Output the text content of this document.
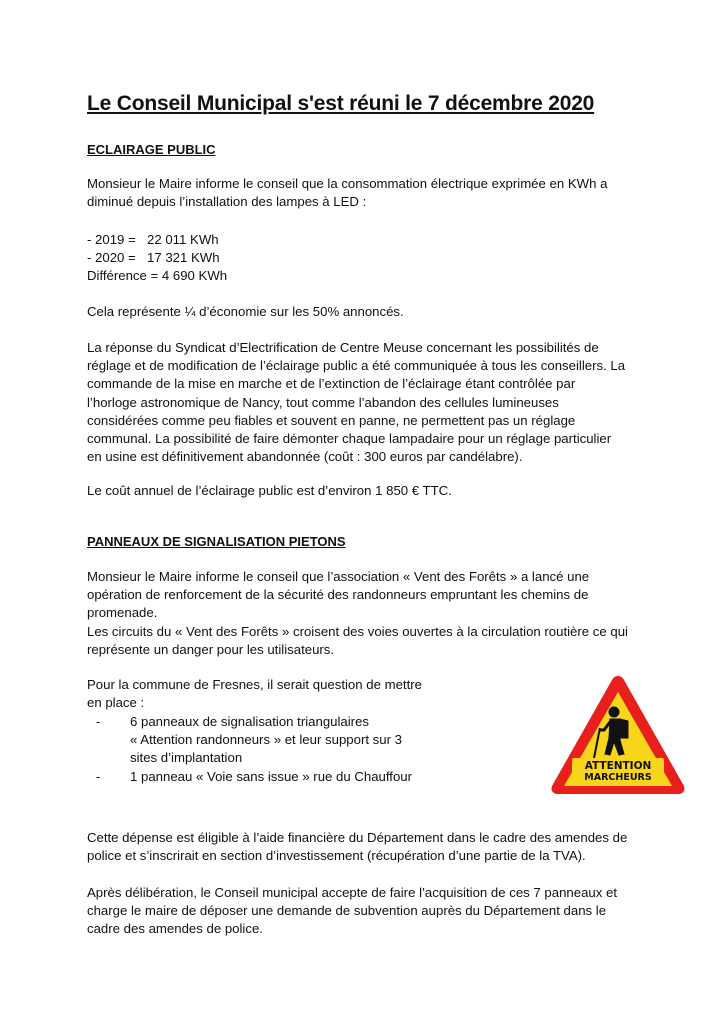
Le Conseil Municipal s'est réuni le 7 décembre 2020
ECLAIRAGE PUBLIC

Monsieur le Maire informe le conseil que la consommation électrique exprimée en KWh a
diminué depuis l’installation des lampes à LED :

- 2019 = 22 011 KWh
- 2020 = 17 321 KWh
Différence = 4 690 KWh

Cela représente ¼ d’économie sur les 50% annoncés.

La réponse du Syndicat d’Electrification de Centre Meuse concernant les possibilités de
réglage et de modification de l’éclairage public a été communiquée à tous les conseillers. La
commande de la mise en marche et de l’extinction de l’éclairage étant contrôlée par
l’horloge astronomique de Nancy, tout comme l’abandon des cellules lumineuses
considérées comme peu fiables et souvent en panne, ne permettent pas un réglage
communal. La possibilité de faire démonter chaque lampadaire pour un réglage particulier
en usine est définitivement abandonnée (coût : 300 euros par candélabre).

Le coût annuel de l’éclairage public est d’environ 1 850 € TTC.

PANNEAUX DE SIGNALISATION PIETONS

Monsieur le Maire informe le conseil que l’association « Vent des Forêts » a lancé une
opération de renforcement de la sécurité des randonneurs empruntant les chemins de
promenade.
Les circuits du « Vent des Forêts » croisent des voies ouvertes à la circulation routière ce qui
représente un danger pour les utilisateurs.

Pour la commune de Fresnes, il serait question de mettre
en place :

- 6 panneaux de signalisation triangulaires
« Attention randonneurs » et leur support sur 3
sites d’implantation
- 1 panneau « Voie sans issue » rue du Chauffour
ATTENTION
MARCHEURS

Cette dépense est éligible à l’aide financière du Département dans le cadre des amendes de
police et s’inscrirait en section d’investissement (récupération d’une partie de la TVA).

Après délibération, le Conseil municipal accepte de faire l’acquisition de ces 7 panneaux et
charge le maire de déposer une demande de subvention auprès du Département dans le
cadre des amendes de police.
